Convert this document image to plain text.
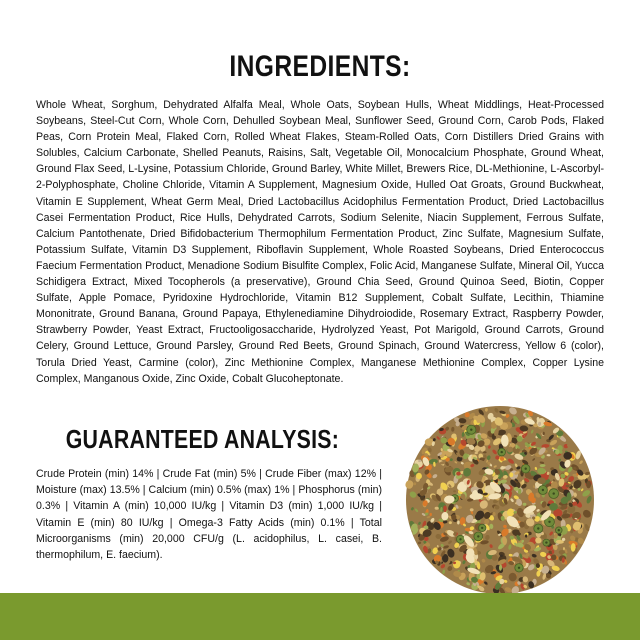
INGREDIENTS:

Whole Wheat, Sorghum, Dehydrated Alfalfa Meal, Whole Oats, Soybean Hulls, Wheat Middlings, Heat-Processed Soybeans, Steel-Cut Corn, Whole Corn, Dehulled Soybean Meal, Sunflower Seed, Ground Corn, Carob Pods, Flaked Peas, Corn Protein Meal, Flaked Corn, Rolled Wheat Flakes, Steam-Rolled Oats, Corn Distillers Dried Grains with Solubles, Calcium Carbonate, Shelled Peanuts, Raisins, Salt, Vegetable Oil, Monocalcium Phosphate, Ground Wheat, Ground Flax Seed, L-Lysine, Potassium Chloride, Ground Barley, White Millet, Brewers Rice, DL-Methionine, L-Ascorbyl-2-Polyphosphate, Choline Chloride, Vitamin A Supplement, Magnesium Oxide, Hulled Oat Groats, Ground Buckwheat, Vitamin E Supplement, Wheat Germ Meal, Dried Lactobacillus Acidophilus Fermentation Product, Dried Lactobacillus Casei Fermentation Product, Rice Hulls, Dehydrated Carrots, Sodium Selenite, Niacin Supplement, Ferrous Sulfate, Calcium Pantothenate, Dried Bifidobacterium Thermophilum Fermentation Product, Zinc Sulfate, Magnesium Sulfate, Potassium Sulfate, Vitamin D3 Supplement, Riboflavin Supplement, Whole Roasted Soybeans, Dried Enterococcus Faecium Fermentation Product, Menadione Sodium Bisulfite Complex, Folic Acid, Manganese Sulfate, Mineral Oil, Yucca Schidigera Extract, Mixed Tocopherols (a preservative), Ground Chia Seed, Ground Quinoa Seed, Biotin, Copper Sulfate, Apple Pomace, Pyridoxine Hydrochloride, Vitamin B12 Supplement, Cobalt Sulfate, Lecithin, Thiamine Mononitrate, Ground Banana, Ground Papaya, Ethylenediamine Dihydroiodide, Rosemary Extract, Raspberry Powder, Strawberry Powder, Yeast Extract, Fructooligosaccharide, Hydrolyzed Yeast, Pot Marigold, Ground Carrots, Ground Celery, Ground Lettuce, Ground Parsley, Ground Red Beets, Ground Spinach, Ground Watercress, Yellow 6 (color), Torula Dried Yeast, Carmine (color), Zinc Methionine Complex, Manganese Methionine Complex, Copper Lysine Complex, Manganous Oxide, Zinc Oxide, Cobalt Glucoheptonate.

GUARANTEED ANALYSIS:

Crude Protein (min) 14% | Crude Fat (min) 5% | Crude Fiber (max) 12% | Moisture (max) 13.5% | Calcium (min) 0.5% (max) 1% | Phosphorus (min) 0.3% | Vitamin A (min) 10,000 IU/kg | Vitamin D3 (min) 1,000 IU/kg | Vitamin E (min) 80 IU/kg | Omega-3 Fatty Acids (min) 0.1% | Total Microorganisms (min) 20,000 CFU/g (L. acidophilus, L. casei, B. thermophilum, E. faecium).
